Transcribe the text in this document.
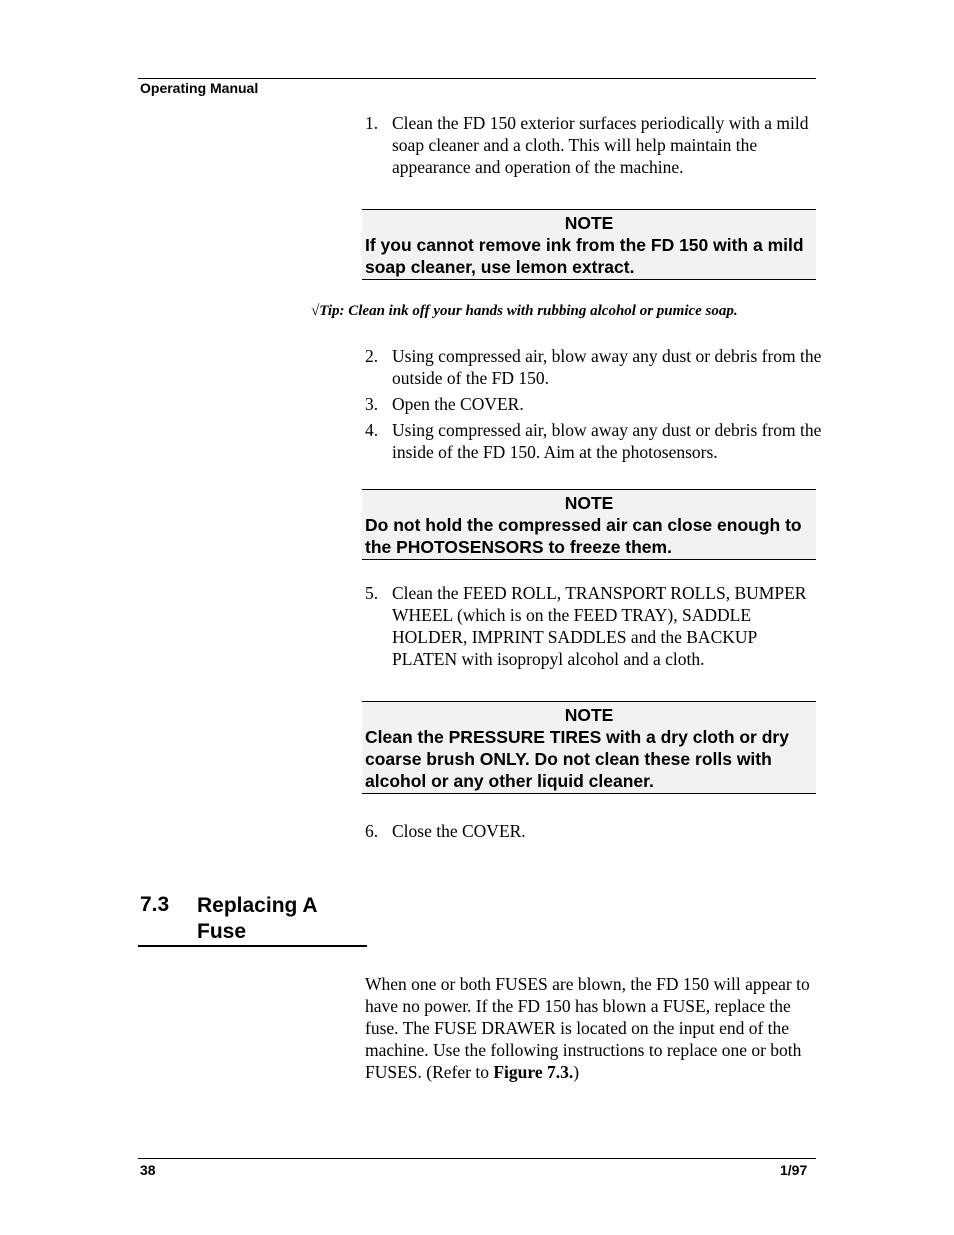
Operating Manual
1. Clean the FD 150 exterior surfaces periodically with a mild soap cleaner and a cloth. This will help maintain the appearance and operation of the machine.
NOTE
If you cannot remove ink from the FD 150 with a mild soap cleaner, use lemon extract.
√Tip: Clean ink off your hands with rubbing alcohol or pumice soap.
2. Using compressed air, blow away any dust or debris from the outside of the FD 150.
3. Open the COVER.
4. Using compressed air, blow away any dust or debris from the inside of the FD 150. Aim at the photosensors.
NOTE
Do not hold the compressed air can close enough to the PHOTOSENSORS to freeze them.
5. Clean the FEED ROLL, TRANSPORT ROLLS, BUMPER WHEEL (which is on the FEED TRAY), SADDLE HOLDER, IMPRINT SADDLES and the BACKUP PLATEN with isopropyl alcohol and a cloth.
NOTE
Clean the PRESSURE TIRES with a dry cloth or dry coarse brush ONLY. Do not clean these rolls with alcohol or any other liquid cleaner.
6. Close the COVER.
7.3 Replacing A Fuse
When one or both FUSES are blown, the FD 150 will appear to have no power. If the FD 150 has blown a FUSE, replace the fuse. The FUSE DRAWER is located on the input end of the machine. Use the following instructions to replace one or both FUSES. (Refer to Figure 7.3.)
38	1/97
